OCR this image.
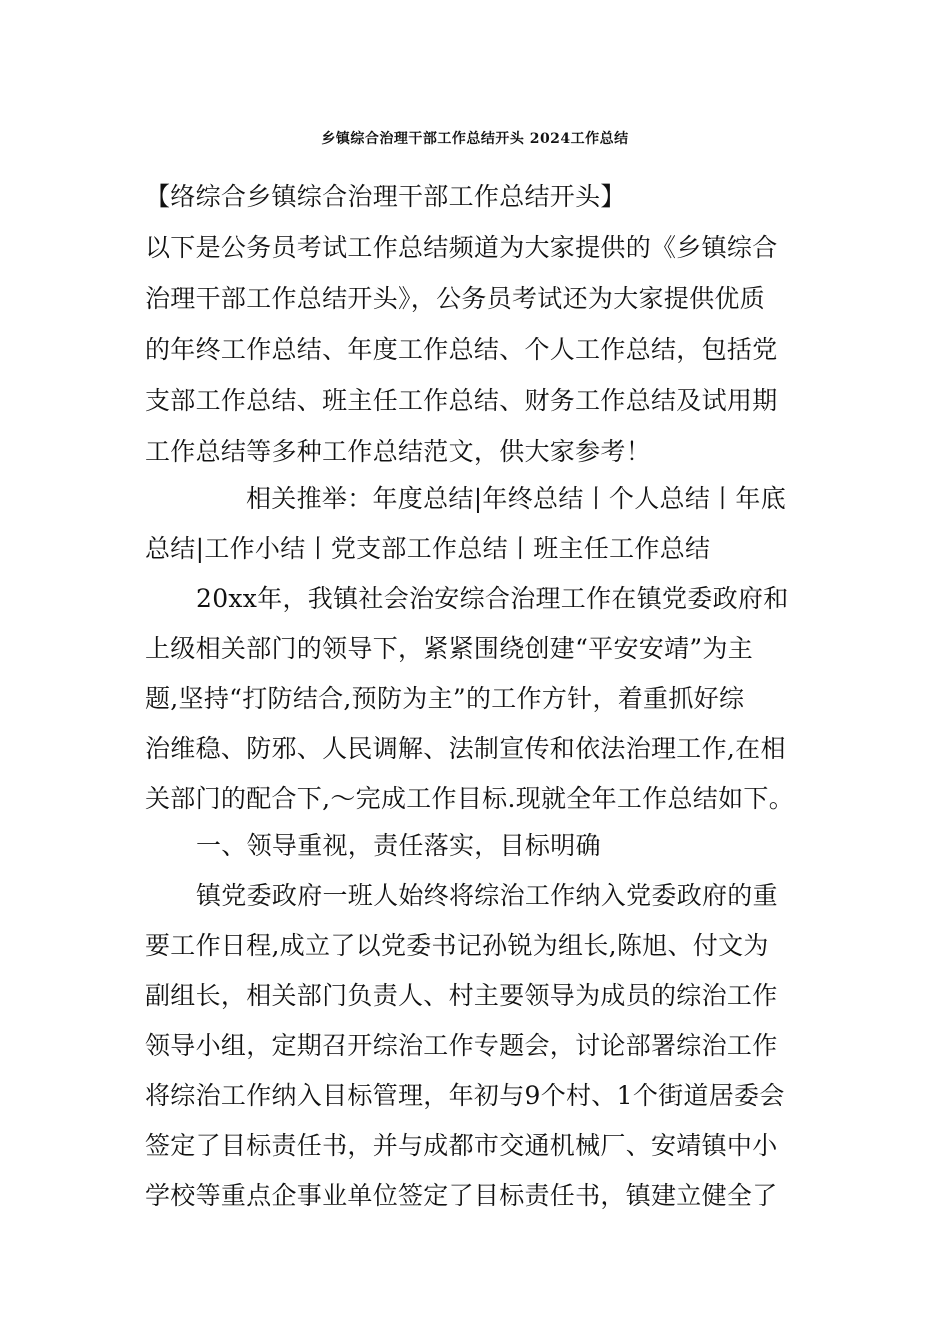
乡镇综合治理干部工作总结开头 2024工作总结
【络综合乡镇综合治理干部工作总结开头】
以下是公务员考试工作总结频道为大家提供的《乡镇综合
治理干部工作总结开头》，公务员考试还为大家提供优质
的年终工作总结、年度工作总结、个人工作总结，包括党
支部工作总结、班主任工作总结、财务工作总结及试用期
工作总结等多种工作总结范文，供大家参考！
相关推举：年度总结|年终总结丨个人总结丨年底
总结|工作小结丨党支部工作总结丨班主任工作总结
20xx年，我镇社会治安综合治理工作在镇党委政府和
上级相关部门的领导下，紧紧围绕创建“平安安靖”为主
题,坚持“打防结合,预防为主”的工作方针，着重抓好综
治维稳、防邪、人民调解、法制宣传和依法治理工作,在相
关部门的配合下,～完成工作目标.现就全年工作总结如下。
一、领导重视，责任落实，目标明确
镇党委政府一班人始终将综治工作纳入党委政府的重
要工作日程,成立了以党委书记孙锐为组长,陈旭、付文为
副组长，相关部门负责人、村主要领导为成员的综治工作
领导小组，定期召开综治工作专题会，讨论部署综治工作
将综治工作纳入目标管理，年初与9个村、1个街道居委会
签定了目标责任书，并与成都市交通机械厂、安靖镇中小
学校等重点企事业单位签定了目标责任书，镇建立健全了
